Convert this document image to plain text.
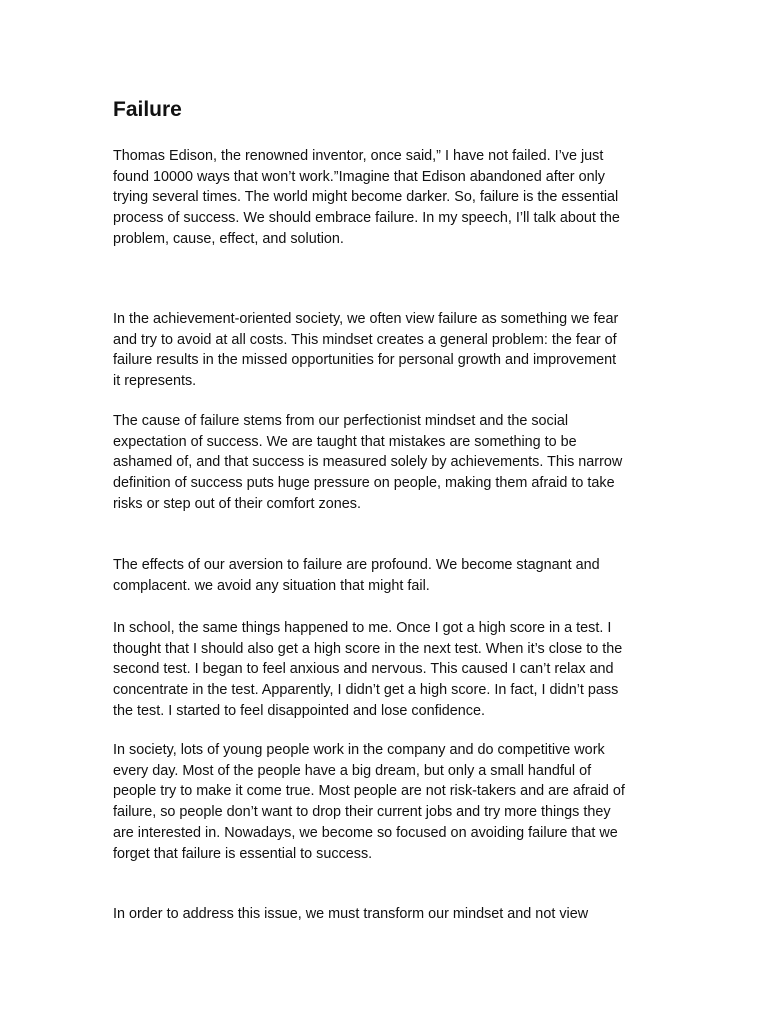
Failure

Thomas Edison, the renowned inventor, once said,” I have not failed. I’ve just
found 10000 ways that won’t work.”Imagine that Edison abandoned after only
trying several times. The world might become darker. So, failure is the essential
process of success. We should embrace failure. In my speech, I’ll talk about the
problem, cause, effect, and solution.

In the achievement-oriented society, we often view failure as something we fear
and try to avoid at all costs. This mindset creates a general problem: the fear of
failure results in the missed opportunities for personal growth and improvement
it represents.

The cause of failure stems from our perfectionist mindset and the social
expectation of success. We are taught that mistakes are something to be
ashamed of, and that success is measured solely by achievements. This narrow
definition of success puts huge pressure on people, making them afraid to take
risks or step out of their comfort zones.

The effects of our aversion to failure are profound. We become stagnant and
complacent. we avoid any situation that might fail.

In school, the same things happened to me. Once I got a high score in a test. I
thought that I should also get a high score in the next test. When it’s close to the
second test. I began to feel anxious and nervous. This caused I can’t relax and
concentrate in the test. Apparently, I didn’t get a high score. In fact, I didn’t pass
the test. I started to feel disappointed and lose confidence.

In society, lots of young people work in the company and do competitive work
every day. Most of the people have a big dream, but only a small handful of
people try to make it come true. Most people are not risk-takers and are afraid of
failure, so people don’t want to drop their current jobs and try more things they
are interested in. Nowadays, we become so focused on avoiding failure that we
forget that failure is essential to success.

In order to address this issue, we must transform our mindset and not view
